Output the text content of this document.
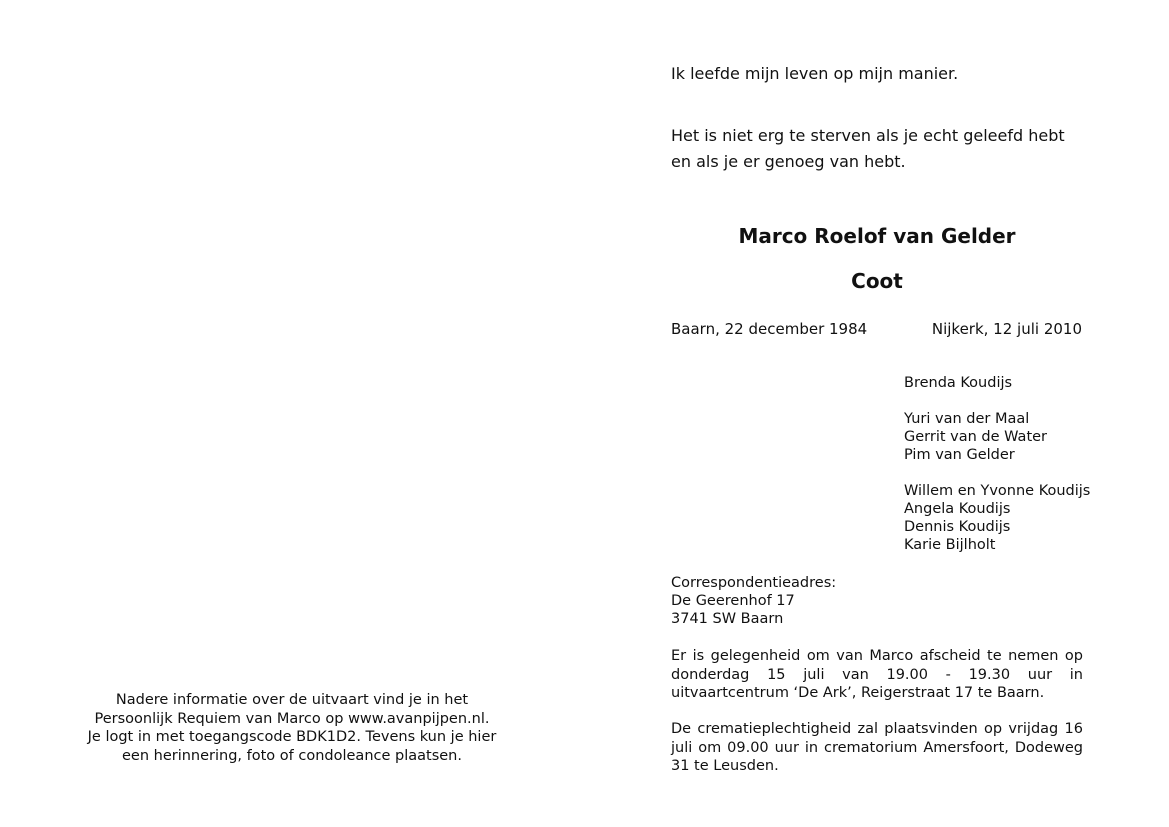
Nadere informatie over de uitvaart vind je in het
Persoonlijk Requiem van Marco op www.avanpijpen.nl.
Je logt in met toegangscode BDK1D2. Tevens kun je hier
een herinnering, foto of condoleance plaatsen.
Ik leefde mijn leven op mijn manier.
Het is niet erg te sterven als je echt geleefd hebt
en als je er genoeg van hebt.
Marco Roelof van Gelder
Coot
Baarn, 22 december 1984	Nijkerk, 12 juli 2010
Brenda Koudijs
Yuri van der Maal
Gerrit van de Water
Pim van Gelder
Willem en Yvonne Koudijs
Angela Koudijs
Dennis Koudijs
Karie Bijlholt
Correspondentieadres:
De Geerenhof 17
3741 SW Baarn
Er is gelegenheid om van Marco afscheid te nemen op donderdag 15 juli van 19.00 - 19.30 uur in uitvaartcentrum ‘De Ark’, Reigerstraat 17 te Baarn.
De crematieplechtigheid zal plaatsvinden op vrijdag 16 juli om 09.00 uur in crematorium Amersfoort, Dodeweg 31 te Leusden.
